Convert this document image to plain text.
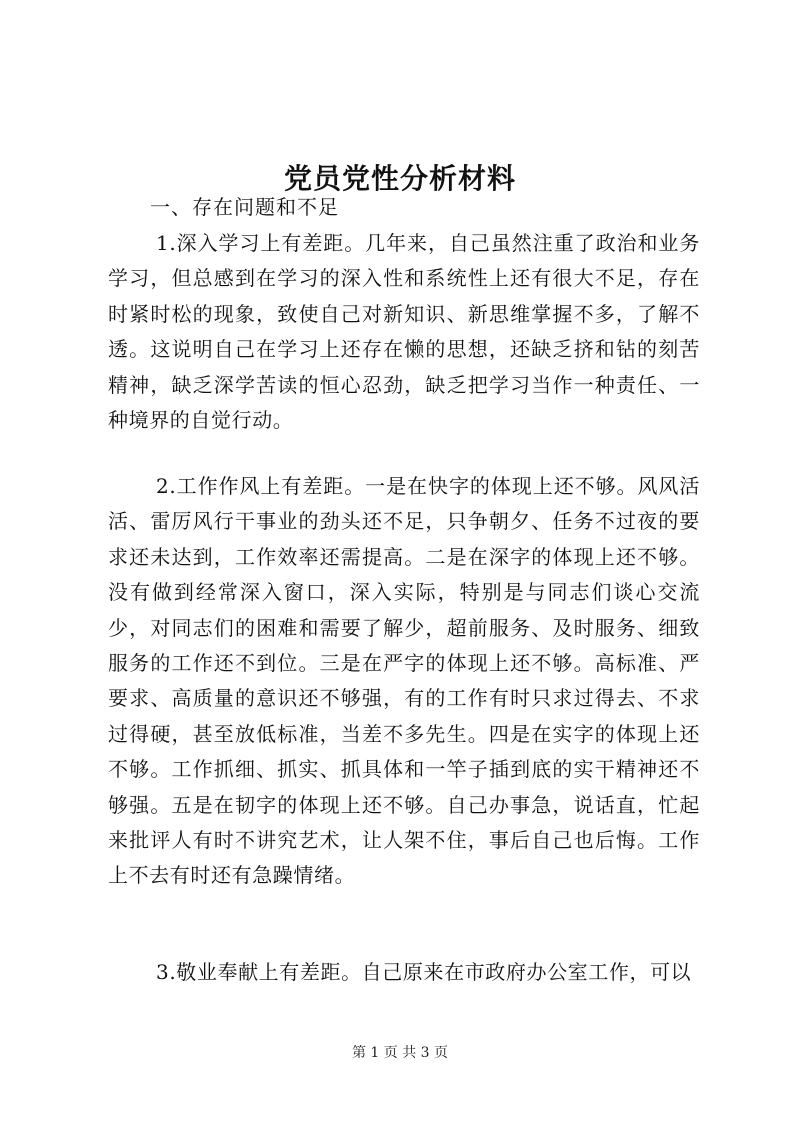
党员党性分析材料
一、存在问题和不足

1.深入学习上有差距。几年来，自己虽然注重了政治和业务学习，但总感到在学习的深入性和系统性上还有很大不足，存在时紧时松的现象，致使自己对新知识、新思维掌握不多，了解不透。这说明自己在学习上还存在懒的思想，还缺乏挤和钻的刻苦精神，缺乏深学苦读的恒心忍劲，缺乏把学习当作一种责任、一种境界的自觉行动。

2.工作作风上有差距。一是在快字的体现上还不够。风风活活、雷厉风行干事业的劲头还不足，只争朝夕、任务不过夜的要求还未达到，工作效率还需提高。二是在深字的体现上还不够。没有做到经常深入窗口，深入实际，特别是与同志们谈心交流少，对同志们的困难和需要了解少，超前服务、及时服务、细致服务的工作还不到位。三是在严字的体现上还不够。高标准、严要求、高质量的意识还不够强，有的工作有时只求过得去、不求过得硬，甚至放低标准，当差不多先生。四是在实字的体现上还不够。工作抓细、抓实、抓具体和一竿子插到底的实干精神还不够强。五是在韧字的体现上还不够。自己办事急，说话直，忙起来批评人有时不讲究艺术，让人架不住，事后自己也后悔。工作上不去有时还有急躁情绪。

3.敬业奉献上有差距。自己原来在市政府办公室工作，可以

第 1 页 共 3 页
